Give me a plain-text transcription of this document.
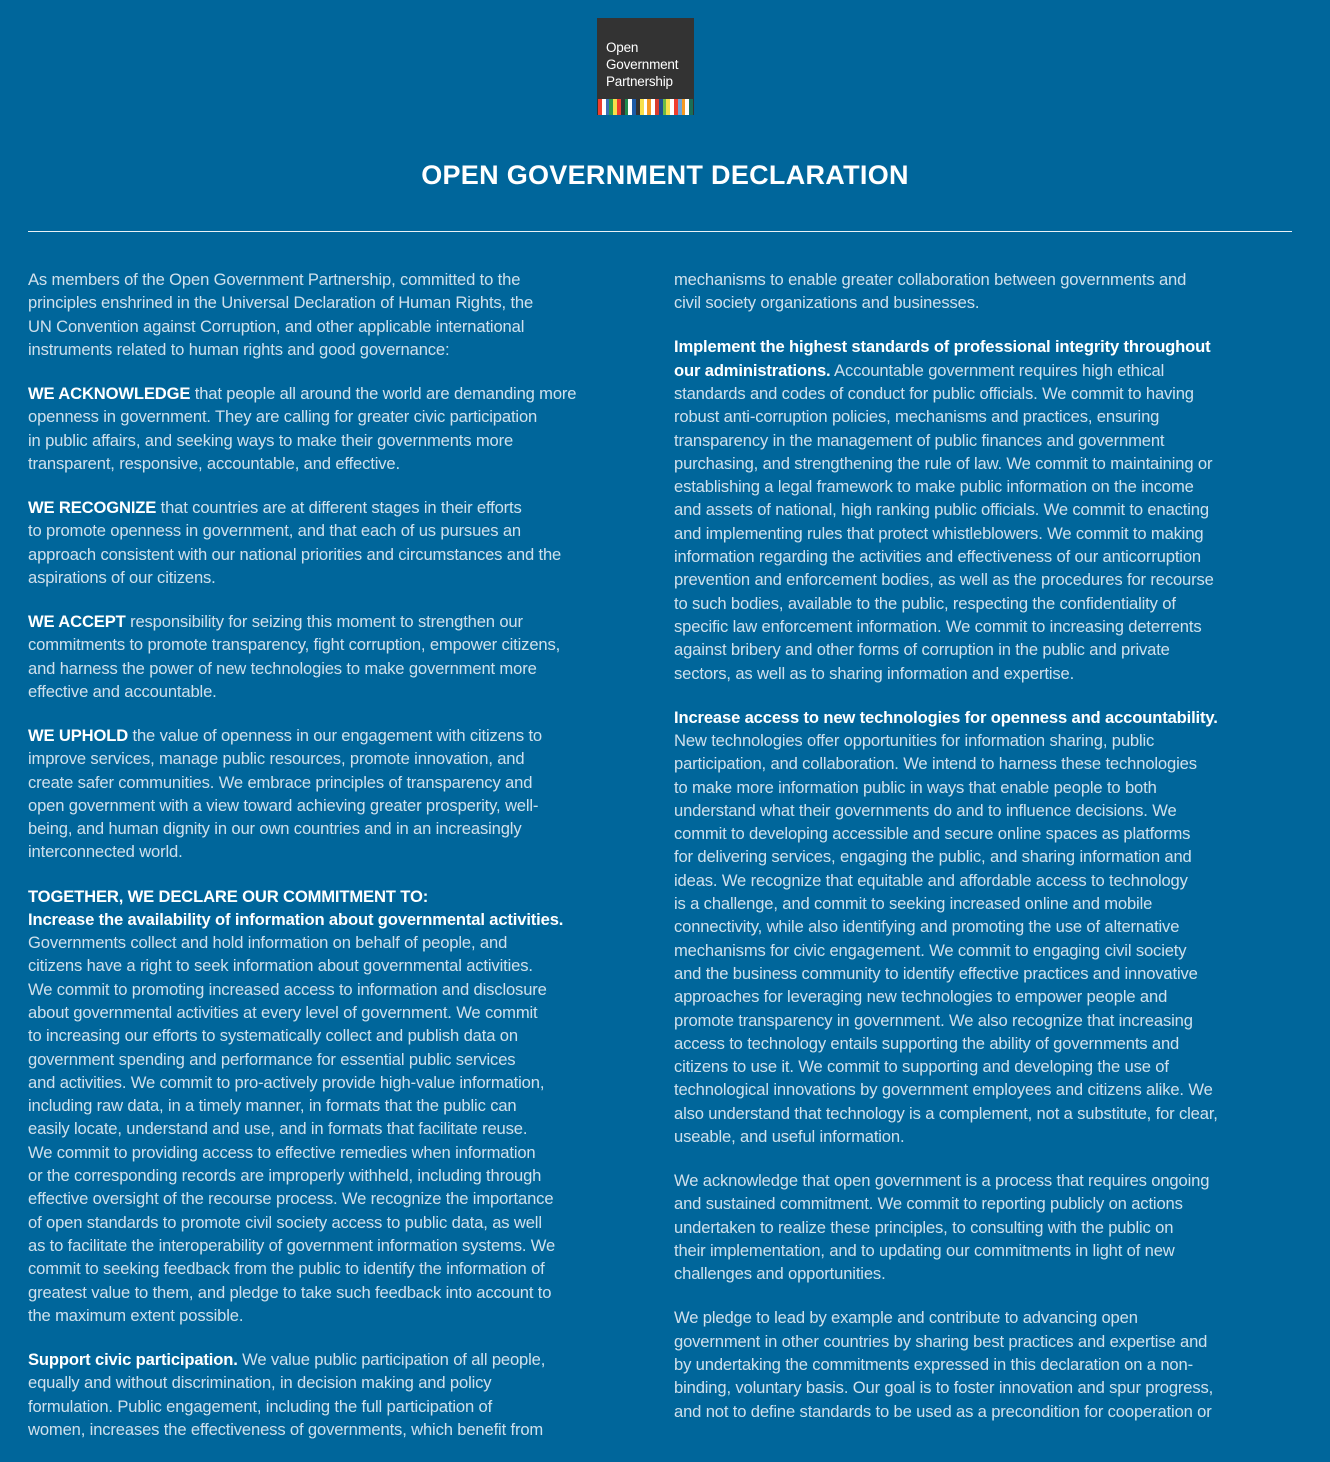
Open
Government
Partnership
OPEN GOVERNMENT DECLARATION
As members of the Open Government Partnership, committed to the
principles enshrined in the Universal Declaration of Human Rights, the
UN Convention against Corruption, and other applicable international
instruments related to human rights and good governance:
WE ACKNOWLEDGE that people all around the world are demanding more
openness in government. They are calling for greater civic participation
in public affairs, and seeking ways to make their governments more
transparent, responsive, accountable, and effective.
WE RECOGNIZE that countries are at different stages in their efforts
to promote openness in government, and that each of us pursues an
approach consistent with our national priorities and circumstances and the
aspirations of our citizens.
WE ACCEPT responsibility for seizing this moment to strengthen our
commitments to promote transparency, fight corruption, empower citizens,
and harness the power of new technologies to make government more
effective and accountable.
WE UPHOLD the value of openness in our engagement with citizens to
improve services, manage public resources, promote innovation, and
create safer communities. We embrace principles of transparency and
open government with a view toward achieving greater prosperity, well-
being, and human dignity in our own countries and in an increasingly
interconnected world.
TOGETHER, WE DECLARE OUR COMMITMENT TO:
Increase the availability of information about governmental activities.
Governments collect and hold information on behalf of people, and
citizens have a right to seek information about governmental activities.
We commit to promoting increased access to information and disclosure
about governmental activities at every level of government. We commit
to increasing our efforts to systematically collect and publish data on
government spending and performance for essential public services
and activities. We commit to pro-actively provide high-value information,
including raw data, in a timely manner, in formats that the public can
easily locate, understand and use, and in formats that facilitate reuse.
We commit to providing access to effective remedies when information
or the corresponding records are improperly withheld, including through
effective oversight of the recourse process. We recognize the importance
of open standards to promote civil society access to public data, as well
as to facilitate the interoperability of government information systems. We
commit to seeking feedback from the public to identify the information of
greatest value to them, and pledge to take such feedback into account to
the maximum extent possible.
Support civic participation. We value public participation of all people,
equally and without discrimination, in decision making and policy
formulation. Public engagement, including the full participation of
women, increases the effectiveness of governments, which benefit from
mechanisms to enable greater collaboration between governments and
civil society organizations and businesses.
Implement the highest standards of professional integrity throughout
our administrations. Accountable government requires high ethical
standards and codes of conduct for public officials. We commit to having
robust anti-corruption policies, mechanisms and practices, ensuring
transparency in the management of public finances and government
purchasing, and strengthening the rule of law. We commit to maintaining or
establishing a legal framework to make public information on the income
and assets of national, high ranking public officials. We commit to enacting
and implementing rules that protect whistleblowers. We commit to making
information regarding the activities and effectiveness of our anticorruption
prevention and enforcement bodies, as well as the procedures for recourse
to such bodies, available to the public, respecting the confidentiality of
specific law enforcement information. We commit to increasing deterrents
against bribery and other forms of corruption in the public and private
sectors, as well as to sharing information and expertise.
Increase access to new technologies for openness and accountability.
New technologies offer opportunities for information sharing, public
participation, and collaboration. We intend to harness these technologies
to make more information public in ways that enable people to both
understand what their governments do and to influence decisions. We
commit to developing accessible and secure online spaces as platforms
for delivering services, engaging the public, and sharing information and
ideas. We recognize that equitable and affordable access to technology
is a challenge, and commit to seeking increased online and mobile
connectivity, while also identifying and promoting the use of alternative
mechanisms for civic engagement. We commit to engaging civil society
and the business community to identify effective practices and innovative
approaches for leveraging new technologies to empower people and
promote transparency in government. We also recognize that increasing
access to technology entails supporting the ability of governments and
citizens to use it. We commit to supporting and developing the use of
technological innovations by government employees and citizens alike. We
also understand that technology is a complement, not a substitute, for clear,
useable, and useful information.
We acknowledge that open government is a process that requires ongoing
and sustained commitment. We commit to reporting publicly on actions
undertaken to realize these principles, to consulting with the public on
their implementation, and to updating our commitments in light of new
challenges and opportunities.
We pledge to lead by example and contribute to advancing open
government in other countries by sharing best practices and expertise and
by undertaking the commitments expressed in this declaration on a non-
binding, voluntary basis. Our goal is to foster innovation and spur progress,
and not to define standards to be used as a precondition for cooperation or
